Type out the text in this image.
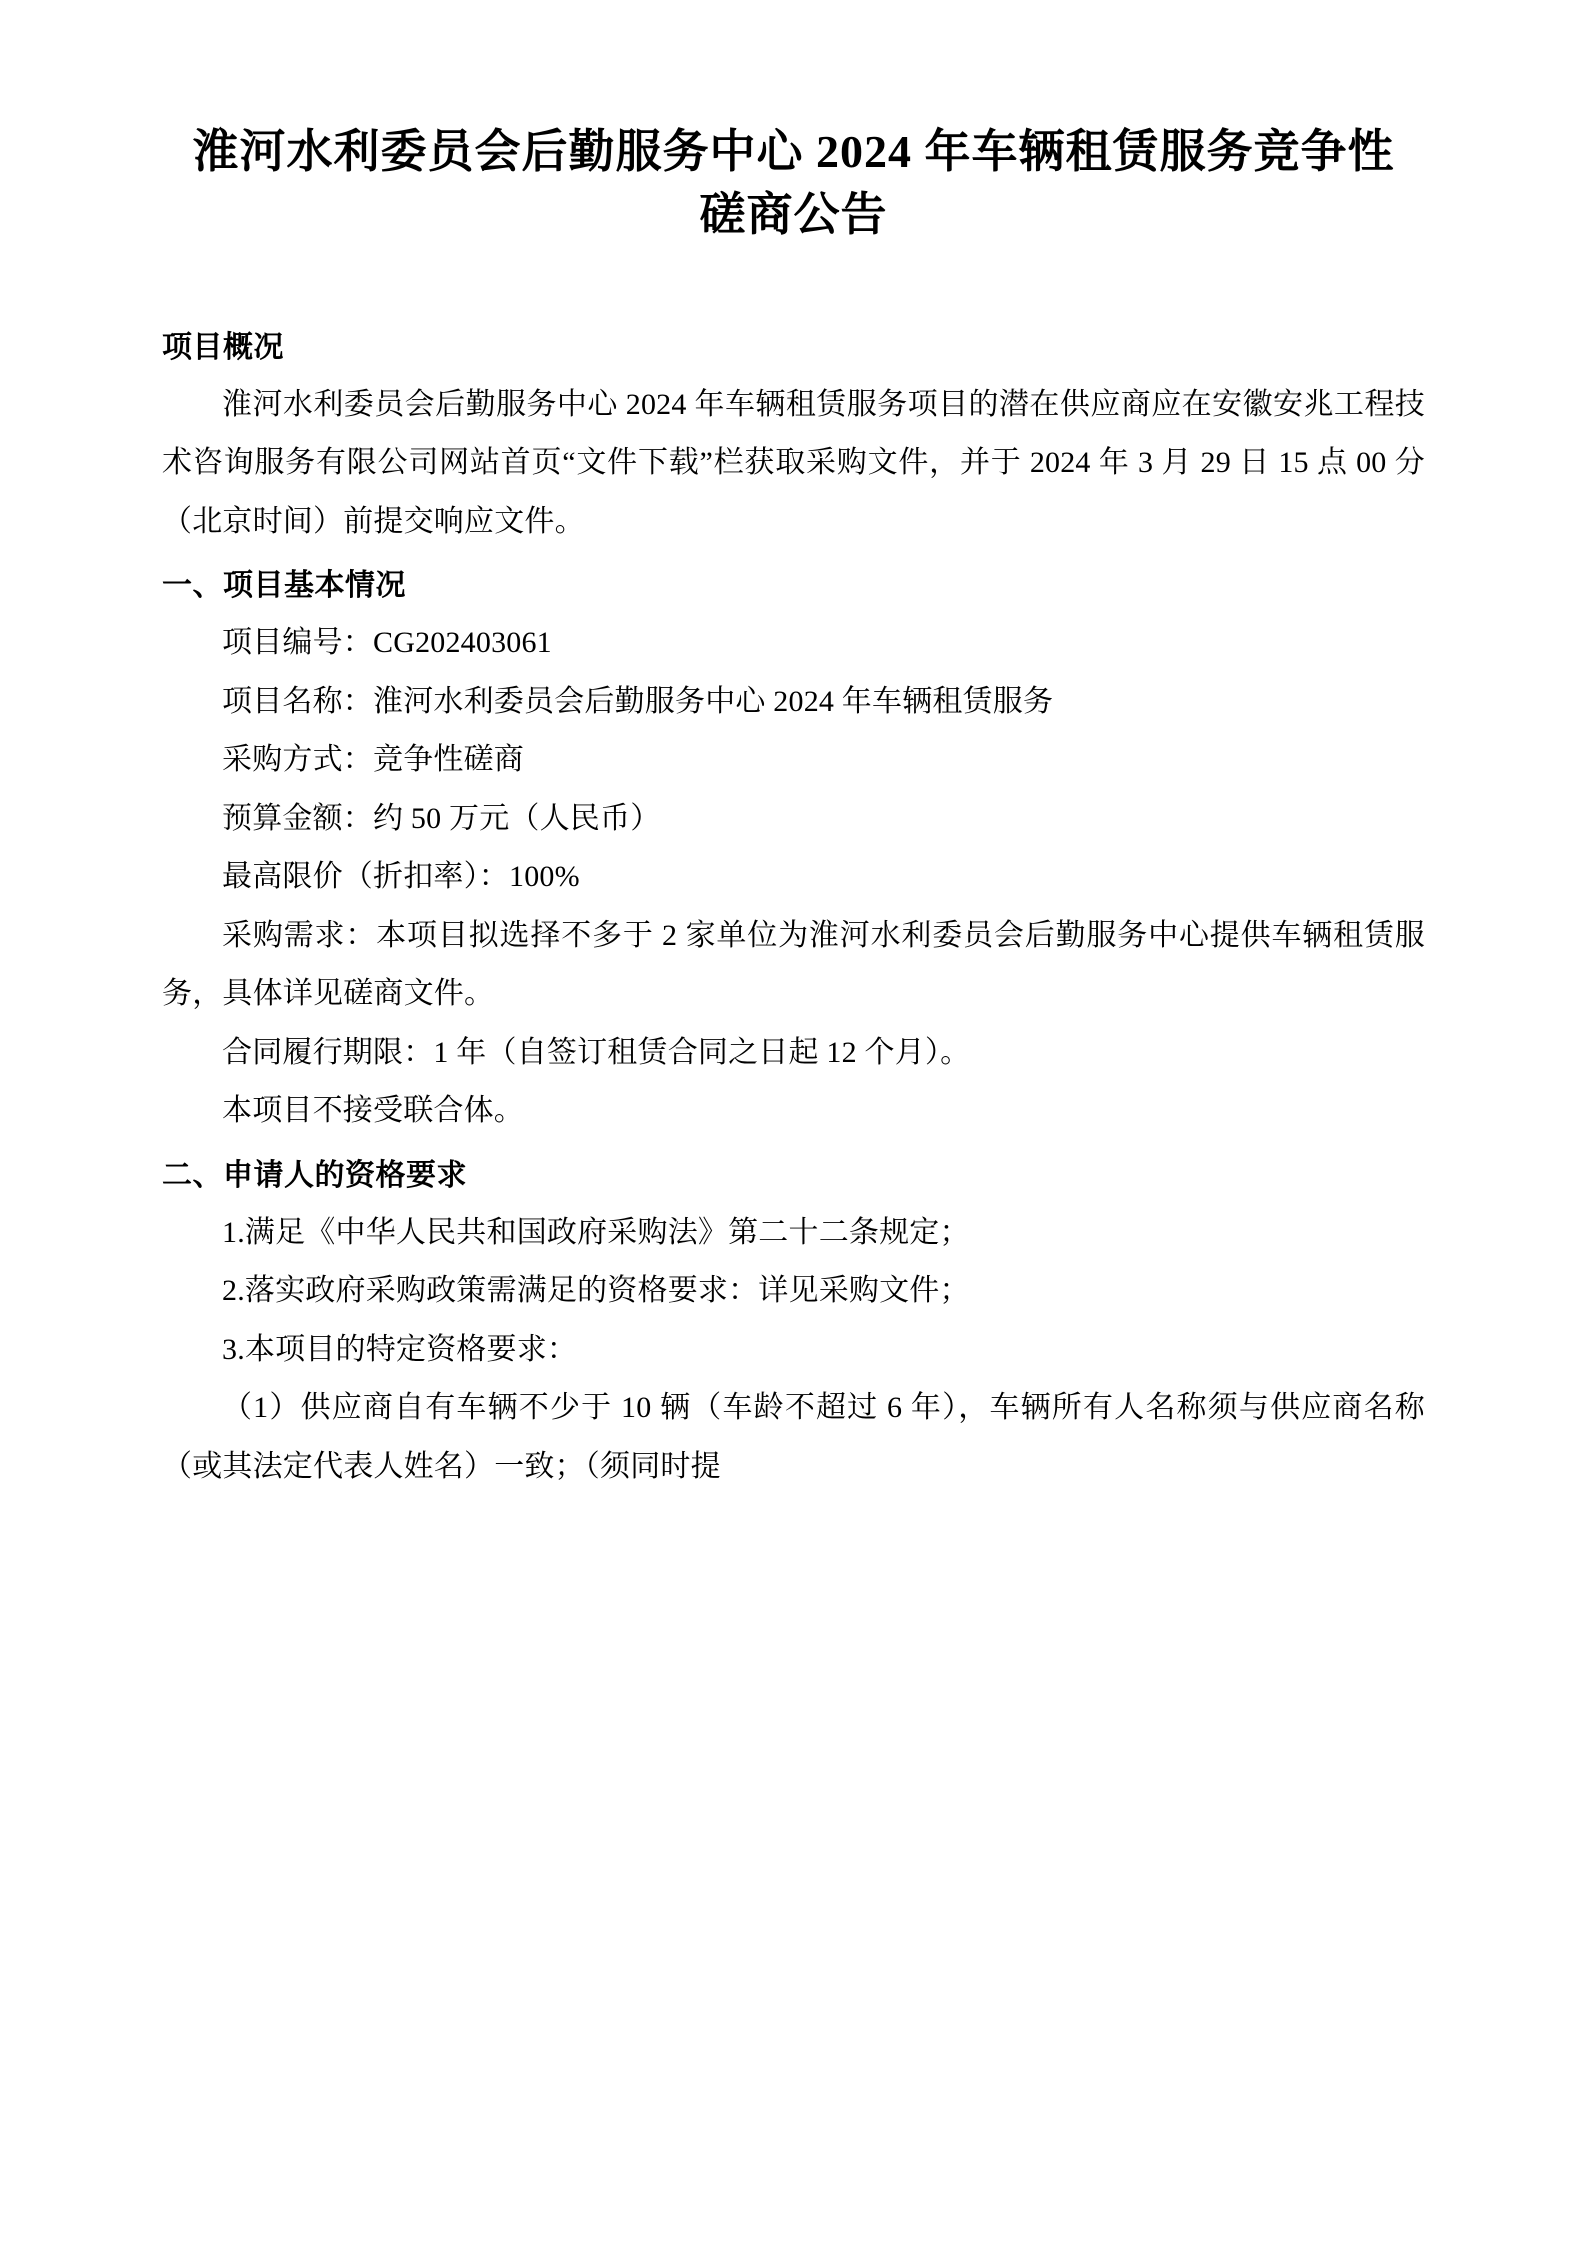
淮河水利委员会后勤服务中心 2024 年车辆租赁服务竞争性磋商公告
项目概况

淮河水利委员会后勤服务中心 2024 年车辆租赁服务项目的潜在供应商应在安徽安兆工程技术咨询服务有限公司网站首页“文件下载”栏获取采购文件，并于 2024 年 3 月 29 日 15 点 00 分（北京时间）前提交响应文件。

一、项目基本情况

项目编号：CG202403061

项目名称：淮河水利委员会后勤服务中心 2024 年车辆租赁服务

采购方式：竞争性磋商

预算金额：约 50 万元（人民币）

最高限价（折扣率）：100%

采购需求：本项目拟选择不多于 2 家单位为淮河水利委员会后勤服务中心提供车辆租赁服务，具体详见磋商文件。

合同履行期限：1 年（自签订租赁合同之日起 12 个月）。

本项目不接受联合体。

二、申请人的资格要求

1.满足《中华人民共和国政府采购法》第二十二条规定；

2.落实政府采购政策需满足的资格要求：详见采购文件；

3.本项目的特定资格要求：

（1）供应商自有车辆不少于 10 辆（车龄不超过 6 年），车辆所有人名称须与供应商名称（或其法定代表人姓名）一致；（须同时提
